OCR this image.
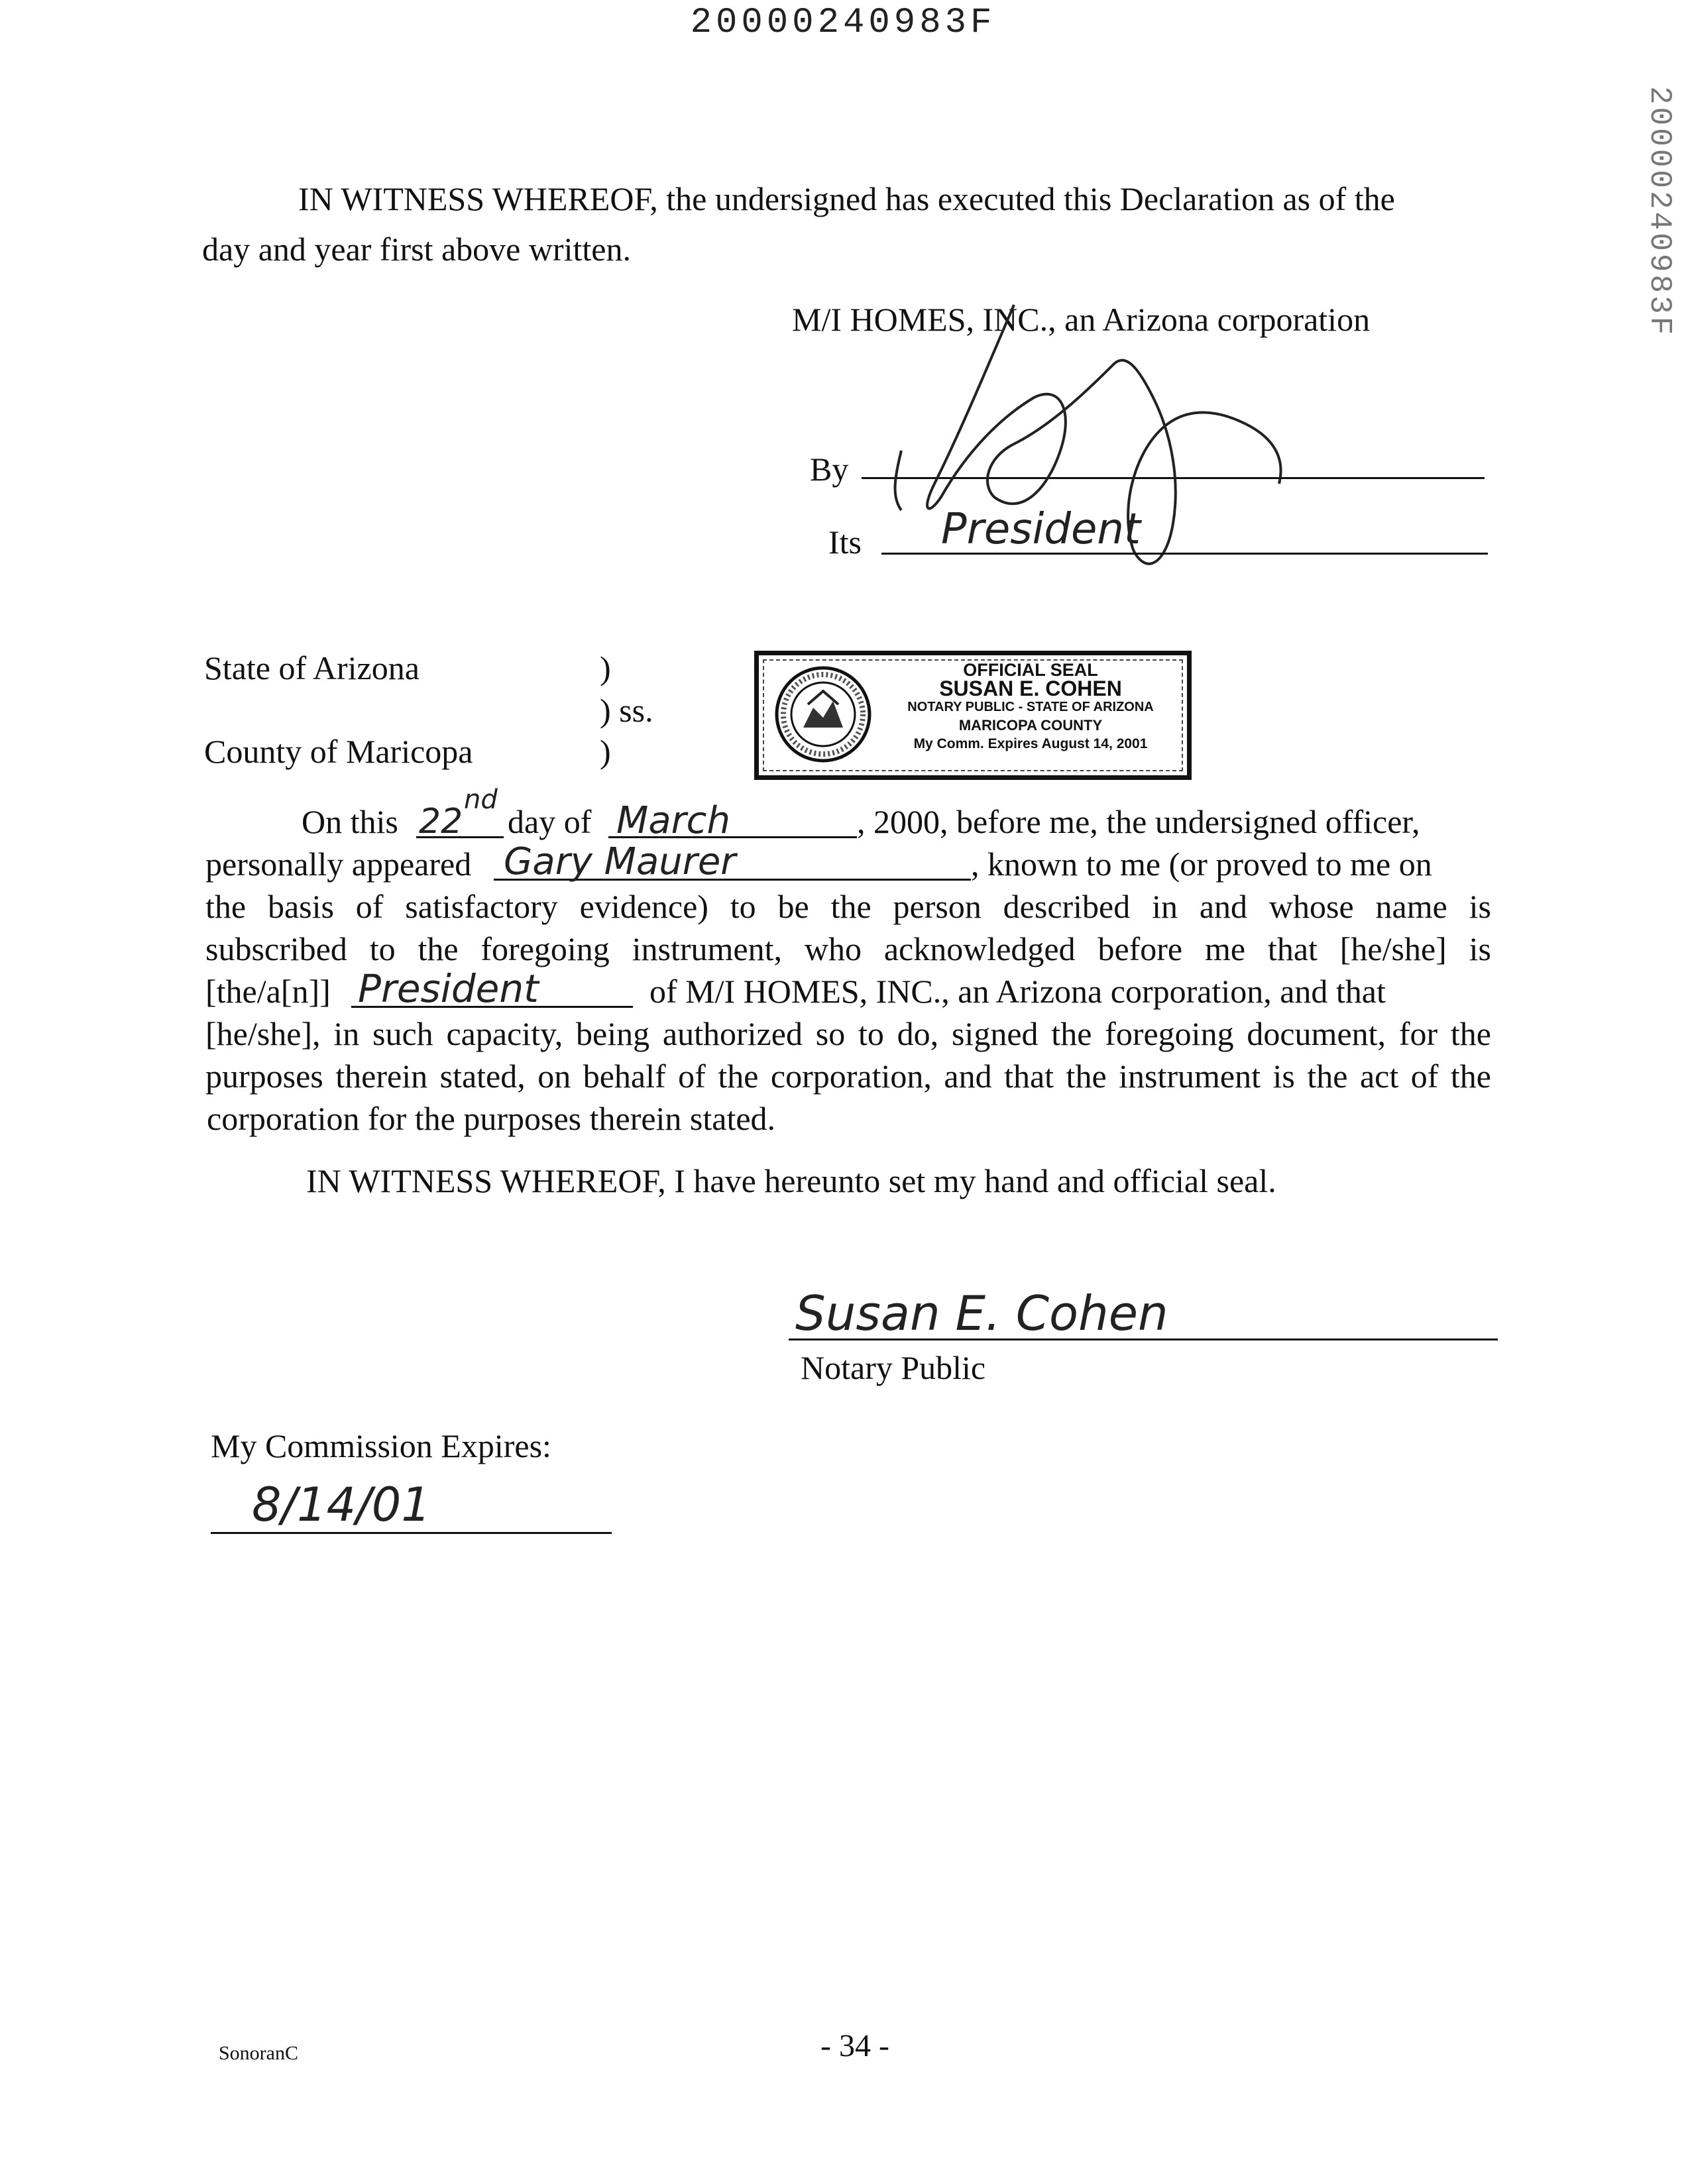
20000240983F
20000240983F
IN WITNESS WHEREOF, the undersigned has executed this Declaration as of the
day and year first above written.
M/I HOMES, INC., an Arizona corporation
By
Its President
State of Arizona	)
) ss.
County of Maricopa	)
OFFICIAL SEAL
SUSAN E. COHEN
NOTARY PUBLIC - STATE OF ARIZONA
MARICOPA COUNTY
My Comm. Expires August 14, 2001
On this 22
nd
day of March	, 2000, before me, the undersigned officer,
personally appeared Gary Maurer	, known to me (or proved to me on
the basis of satisfactory evidence) to be the person described in and whose name is
subscribed to the foregoing instrument, who acknowledged before me that [he/she] is
[the/a[n]] President	of M/I HOMES, INC., an Arizona corporation, and that
[he/she], in such capacity, being authorized so to do, signed the foregoing document, for the
purposes therein stated, on behalf of the corporation, and that the instrument is the act of the
corporation for the purposes therein stated.
IN WITNESS WHEREOF, I have hereunto set my hand and official seal.
Susan E. Cohen
Notary Public
My Commission Expires:
8/14/01
SonoranC	- 34 -
